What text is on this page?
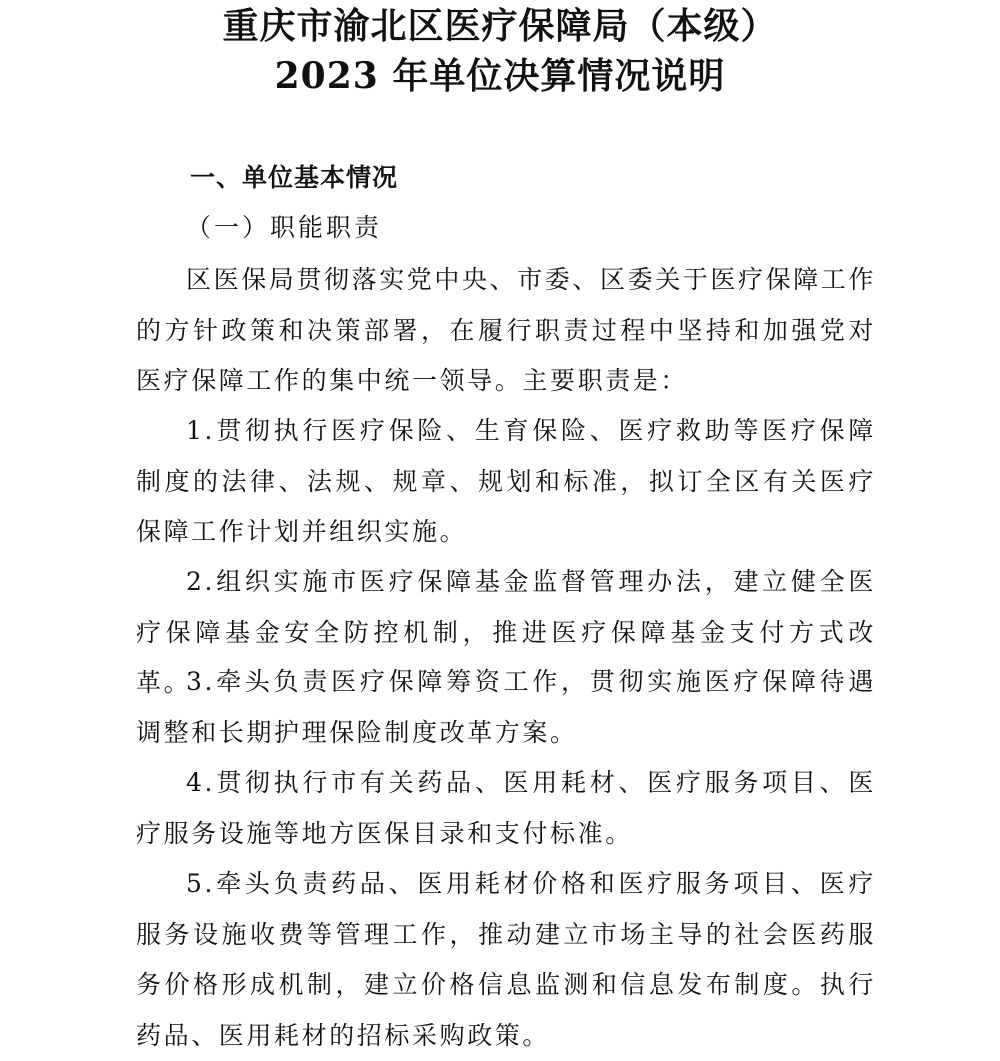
重庆市渝北区医疗保障局（本级）
2023 年单位决算情况说明
一、单位基本情况
（一）职能职责
区医保局贯彻落实党中央、市委、区委关于医疗保障工作的方针政策和决策部署，在履行职责过程中坚持和加强党对医疗保障工作的集中统一领导。主要职责是：
1.贯彻执行医疗保险、生育保险、医疗救助等医疗保障制度的法律、法规、规章、规划和标准，拟订全区有关医疗保障工作计划并组织实施。
2.组织实施市医疗保障基金监督管理办法，建立健全医疗保障基金安全防控机制，推进医疗保障基金支付方式改革。
3.牵头负责医疗保障筹资工作，贯彻实施医疗保障待遇调整和长期护理保险制度改革方案。
4.贯彻执行市有关药品、医用耗材、医疗服务项目、医疗服务设施等地方医保目录和支付标准。
5.牵头负责药品、医用耗材价格和医疗服务项目、医疗服务设施收费等管理工作，推动建立市场主导的社会医药服务价格形成机制，建立价格信息监测和信息发布制度。执行药品、医用耗材的招标采购政策。
